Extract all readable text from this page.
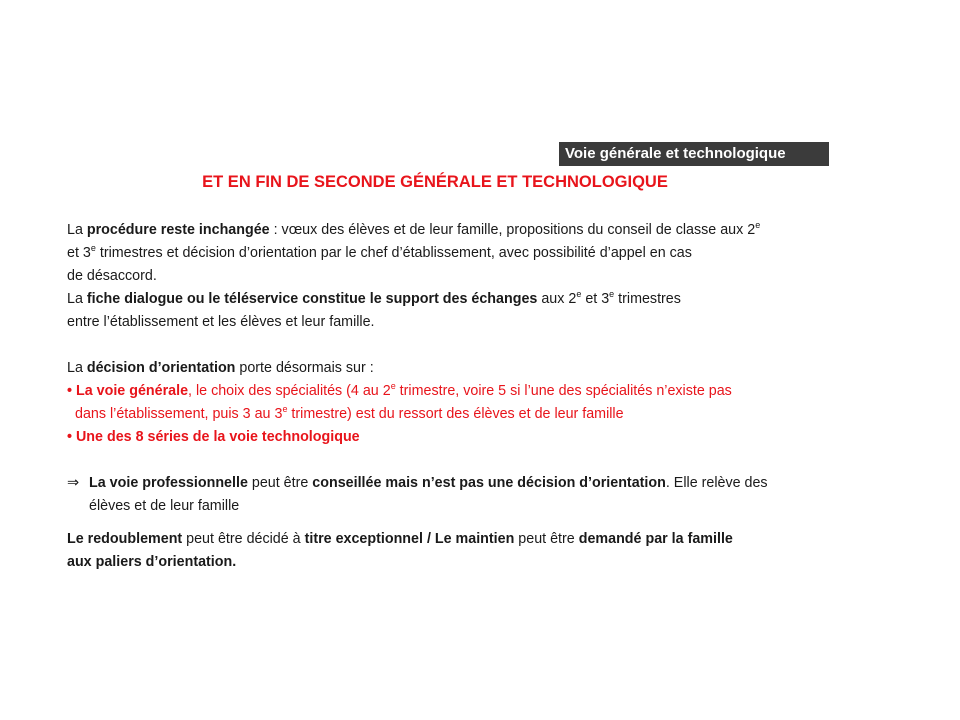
Voie générale et technologique
ET EN FIN DE SECONDE GÉNÉRALE ET TECHNOLOGIQUE

La procédure reste inchangée : vœux des élèves et de leur famille, propositions du conseil de classe aux 2e
et 3e trimestres et décision d’orientation par le chef d’établissement, avec possibilité d’appel en cas
de désaccord.

La fiche dialogue ou le téléservice constitue le support des échanges aux 2e et 3e trimestres
entre l’établissement et les élèves et leur famille.

La décision d’orientation porte désormais sur :

• La voie générale, le choix des spécialités (4 au 2e trimestre, voire 5 si l’une des spécialités n’existe pas
dans l’établissement, puis 3 au 3e trimestre) est du ressort des élèves et de leur famille

• Une des 8 séries de la voie technologique

⇒ La voie professionnelle peut être conseillée mais n’est pas une décision d’orientation. Elle relève des
élèves et de leur famille

Le redoublement peut être décidé à titre exceptionnel / Le maintien peut être demandé par la famille
aux paliers d’orientation.
